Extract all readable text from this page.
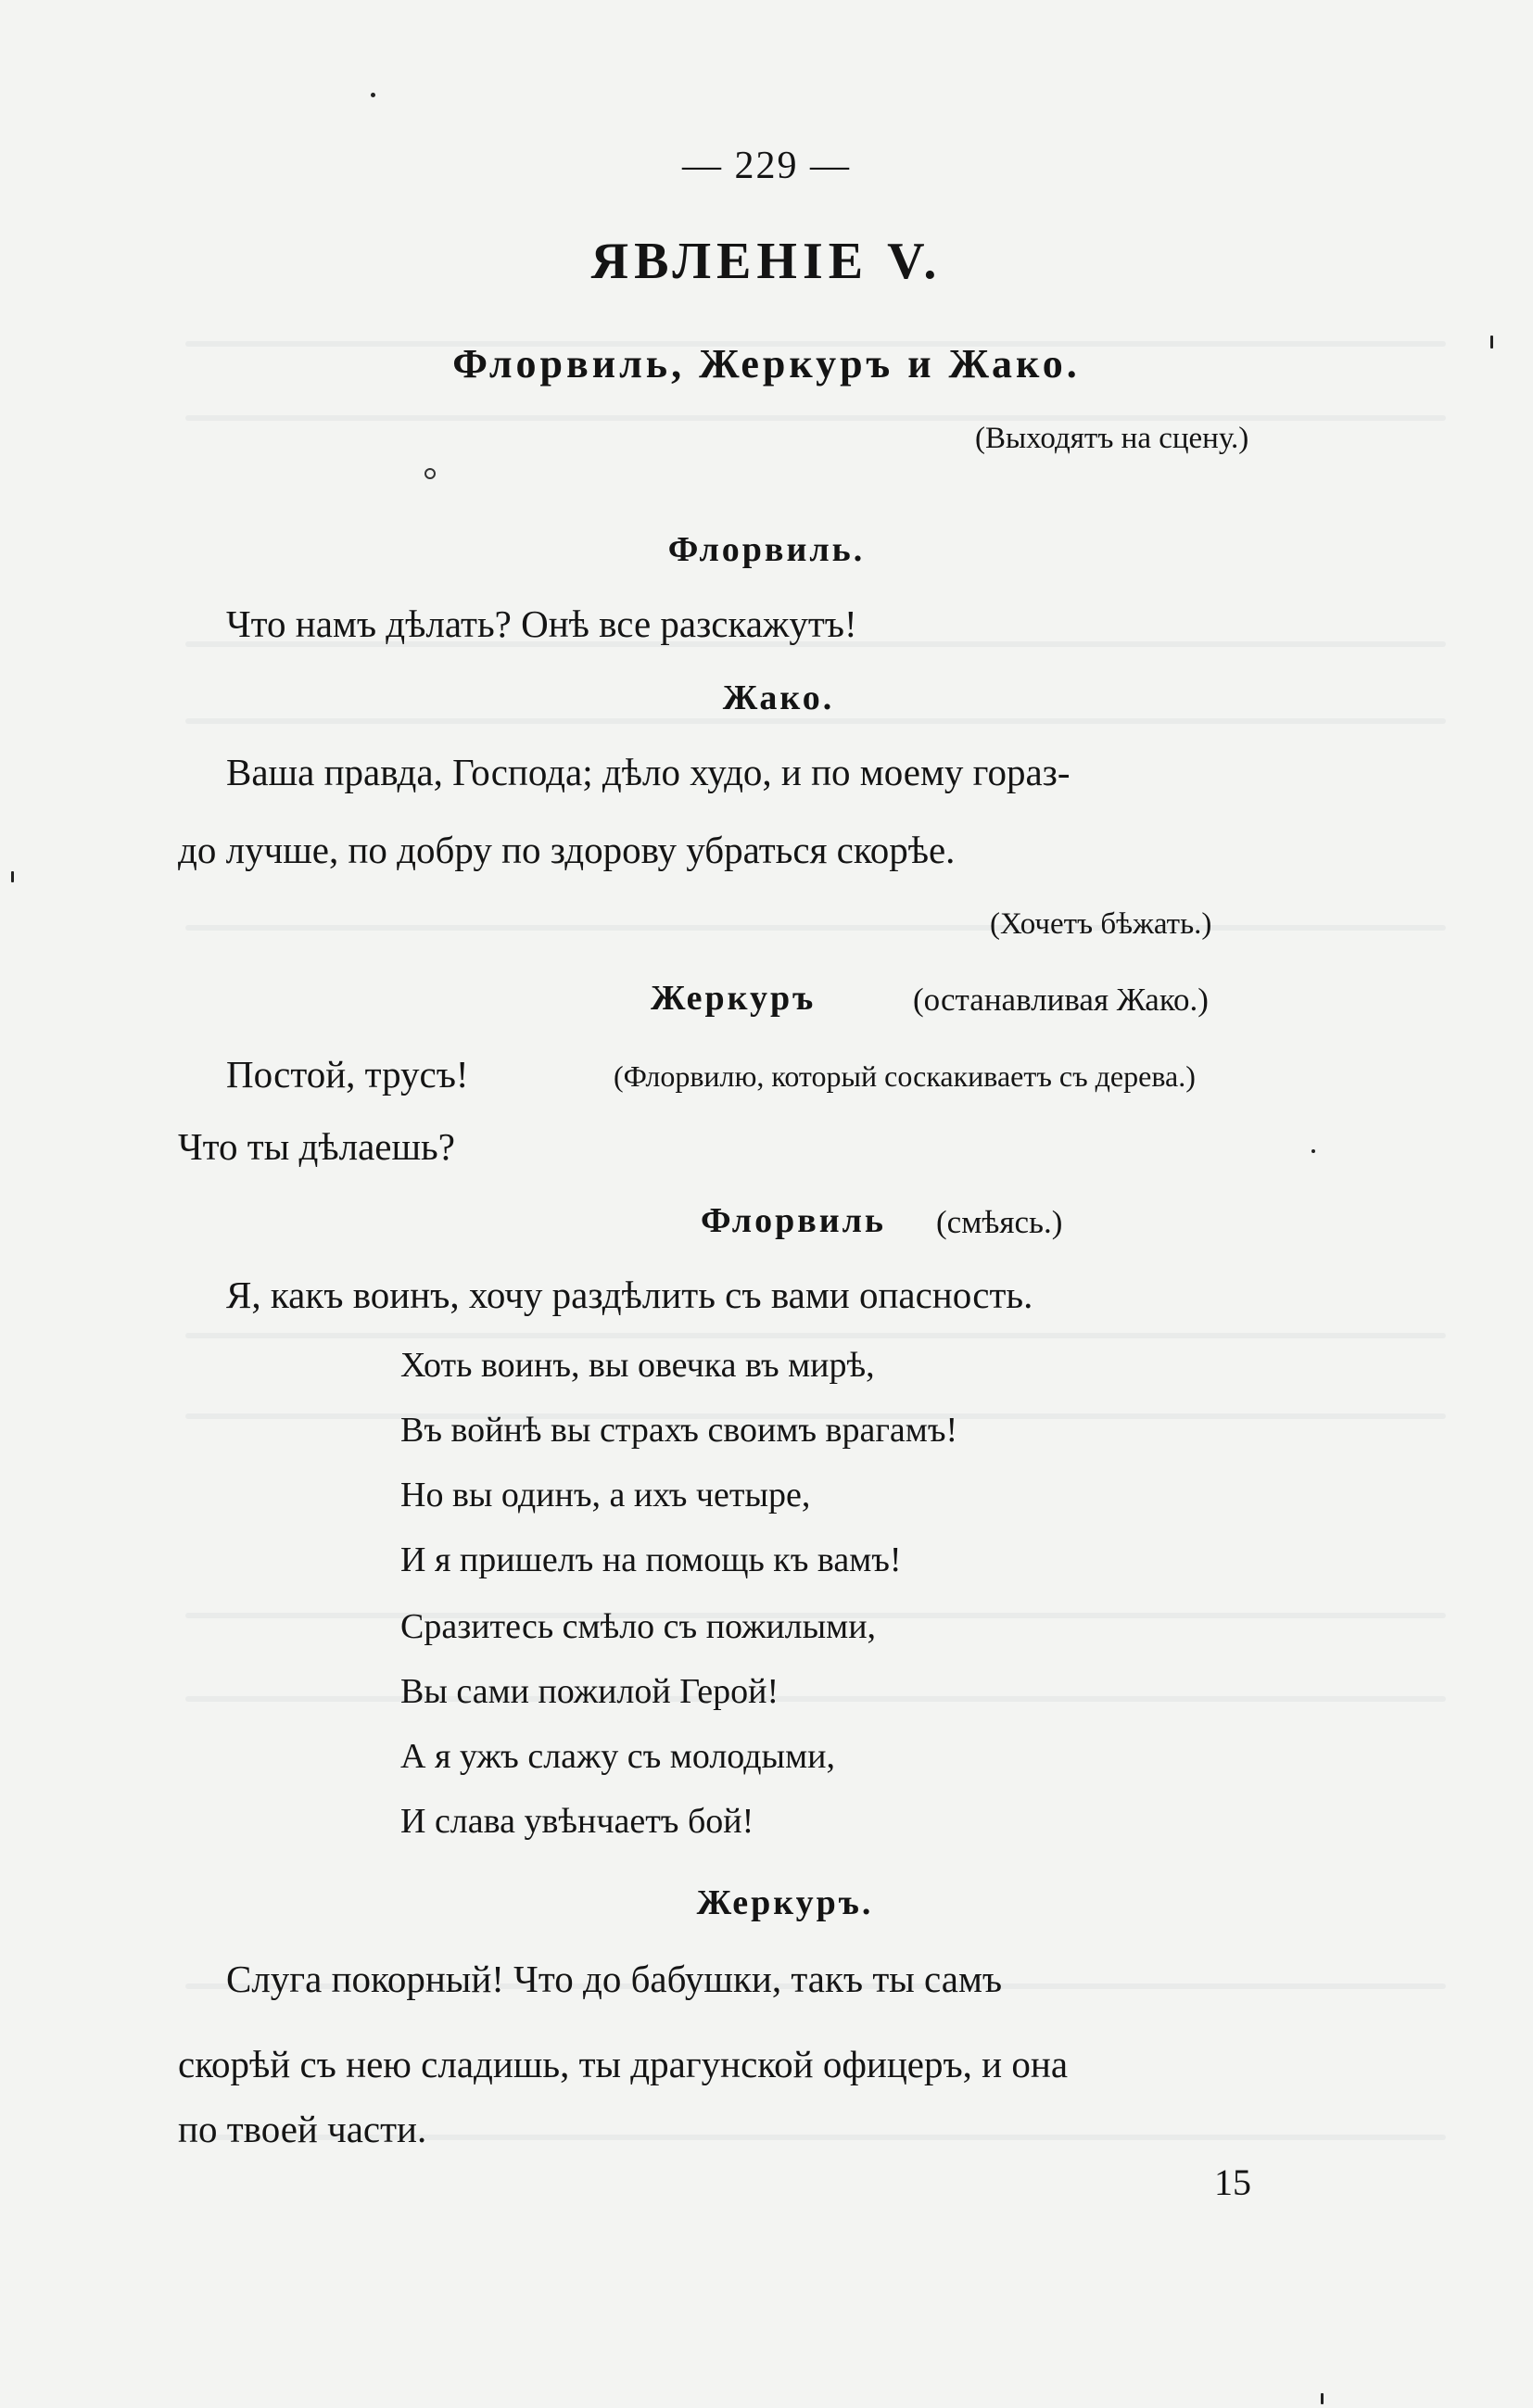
— 229 —
ЯВЛЕНІЕ V.
Флорвиль, Жеркуръ и Жако.
(Выходятъ на сцену.)
Флорвиль.
Что намъ дѣлать? Онѣ все разскажутъ!
Жако.
Ваша правда, Господа; дѣло худо, и по моему гораз-
до лучше, по добру по здорову убраться скорѣе.
(Хочетъ бѣжать.)
Жеркуръ	(останавливая Жако.)
Постой, трусъ!	(Флорвилю, который соскакиваетъ съ дерева.)
Что ты дѣлаешь?
Флорвиль (смѣясь.)
Я, какъ воинъ, хочу раздѣлить съ вами опасность.
Хоть воинъ, вы овечка въ мирѣ,
Въ войнѣ вы страхъ своимъ врагамъ!
Но вы одинъ, а ихъ четыре,
И я пришелъ на помощь къ вамъ!
Сразитесь смѣло съ пожилыми,
Вы сами пожилой Герой!
А я ужъ слажу съ молодыми,
И слава увѣнчаетъ бой!
Жеркуръ.
Слуга покорный! Что до бабушки, такъ ты самъ
скорѣй съ нею сладишь, ты драгунской офицеръ, и она
по твоей части.
15
